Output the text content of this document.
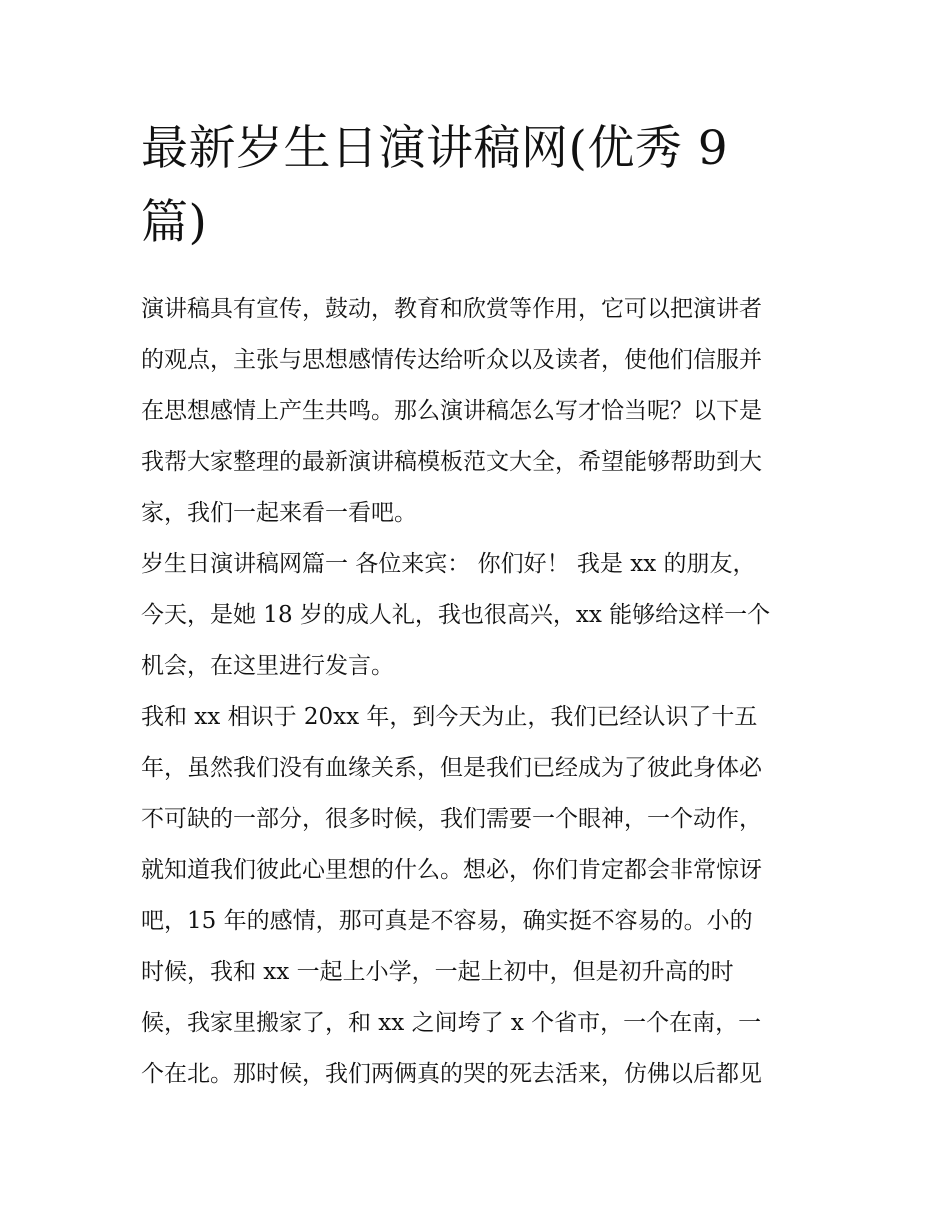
最新岁生日演讲稿网(优秀 9
篇)

演讲稿具有宣传，鼓动，教育和欣赏等作用，它可以把演讲者
的观点，主张与思想感情传达给听众以及读者，使他们信服并
在思想感情上产生共鸣。那么演讲稿怎么写才恰当呢？以下是
我帮大家整理的最新演讲稿模板范文大全，希望能够帮助到大
家，我们一起来看一看吧。

岁生日演讲稿网篇一 各位来宾： 你们好！ 我是 xx 的朋友，
今天，是她 18 岁的成人礼，我也很高兴，xx 能够给这样一个
机会，在这里进行发言。

我和 xx 相识于 20xx 年，到今天为止，我们已经认识了十五
年，虽然我们没有血缘关系，但是我们已经成为了彼此身体必
不可缺的一部分，很多时候，我们需要一个眼神，一个动作，
就知道我们彼此心里想的什么。想必，你们肯定都会非常惊讶
吧，15 年的感情，那可真是不容易，确实挺不容易的。小的
时候，我和 xx 一起上小学，一起上初中，但是初升高的时
候，我家里搬家了，和 xx 之间垮了 x 个省市，一个在南，一
个在北。那时候，我们两俩真的哭的死去活来，仿佛以后都见
